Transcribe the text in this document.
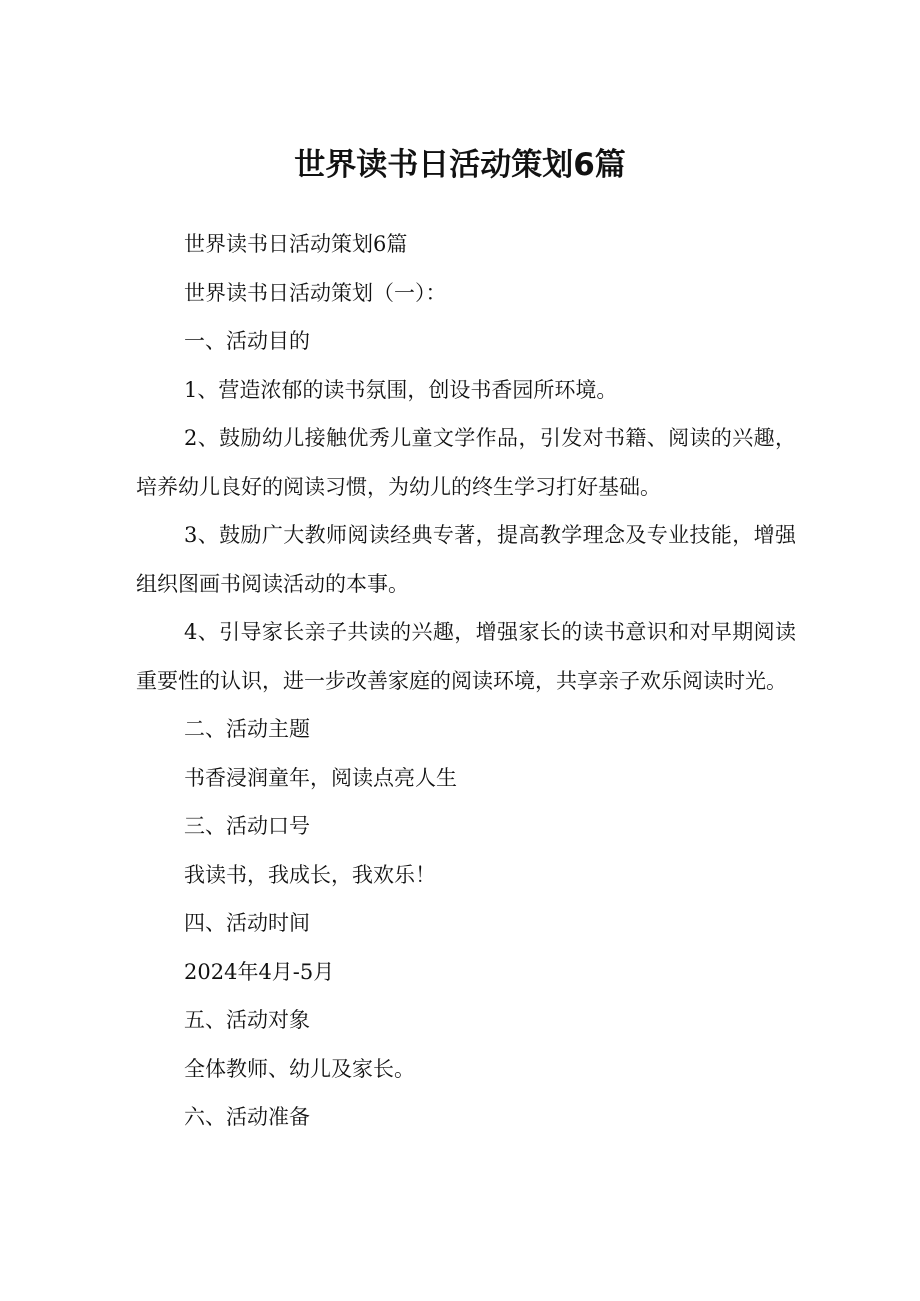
世界读书日活动策划6篇

世界读书日活动策划6篇

世界读书日活动策划（一）：

一、活动目的

1、营造浓郁的读书氛围，创设书香园所环境。

2、鼓励幼儿接触优秀儿童文学作品，引发对书籍、阅读的兴趣，培养幼儿良好的阅读习惯，为幼儿的终生学习打好基础。

3、鼓励广大教师阅读经典专著，提高教学理念及专业技能，增强组织图画书阅读活动的本事。

4、引导家长亲子共读的兴趣，增强家长的读书意识和对早期阅读重要性的认识，进一步改善家庭的阅读环境，共享亲子欢乐阅读时光。

二、活动主题

书香浸润童年，阅读点亮人生

三、活动口号

我读书，我成长，我欢乐！

四、活动时间

2024年4月-5月

五、活动对象

全体教师、幼儿及家长。

六、活动准备
